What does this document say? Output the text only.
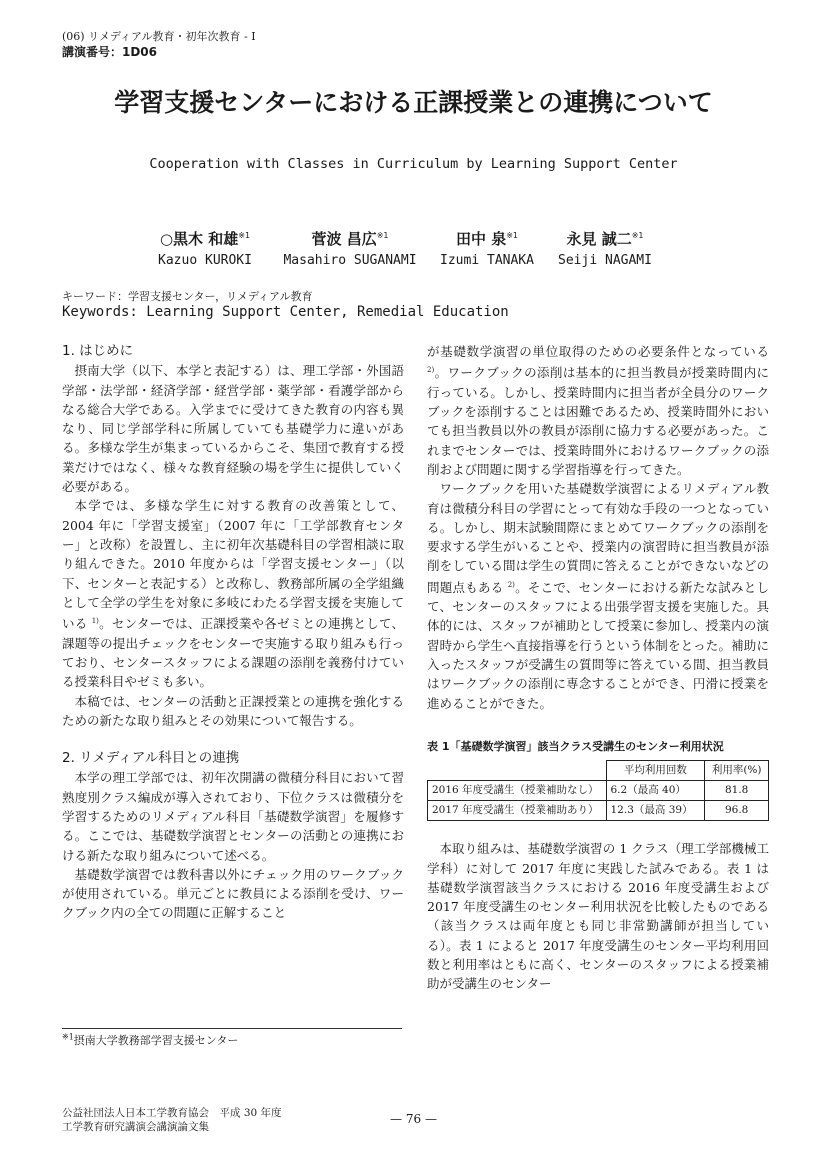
(06) リメディアル教育・初年次教育 - I
講演番号：1D06
学習支援センターにおける正課授業との連携について
Cooperation with Classes in Curriculum by Learning Support Center
○黒木 和雄$^{※1}$
Kazuo KUROKI
菅波 昌広$^{※1}$
Masahiro SUGANAMI
田中 泉$^{※1}$
Izumi TANAKA
永見 誠二$^{※1}$
Seiji NAGAMI
キーワード：学習支援センター，リメディアル教育
Keywords: Learning Support Center, Remedial Education
1. はじめに

摂南大学（以下、本学と表記する）は、理工学部・外国語学部・法学部・経済学部・経営学部・薬学部・看護学部からなる総合大学である。入学までに受けてきた教育の内容も異なり、同じ学部学科に所属していても基礎学力に違いがある。多様な学生が集まっているからこそ、集団で教育する授業だけではなく、様々な教育経験の場を学生に提供していく必要がある。

本学では、多様な学生に対する教育の改善策として、2004 年に「学習支援室」（2007 年に「工学部教育センター」と改称）を設置し、主に初年次基礎科目の学習相談に取り組んできた。2010 年度からは「学習支援センター」（以下、センターと表記する）と改称し、教務部所属の全学組織として全学の学生を対象に多岐にわたる学習支援を実施している $^{1)}$。センターでは、正課授業や各ゼミとの連携として、課題等の提出チェックをセンターで実施する取り組みも行っており、センタースタッフによる課題の添削を義務付けている授業科目やゼミも多い。

本稿では、センターの活動と正課授業との連携を強化するための新たな取り組みとその効果について報告する。

2. リメディアル科目との連携

本学の理工学部では、初年次開講の微積分科目において習熟度別クラス編成が導入されており、下位クラスは微積分を学習するためのリメディアル科目「基礎数学演習」を履修する。ここでは、基礎数学演習とセンターの活動との連携における新たな取り組みについて述べる。

基礎数学演習では教科書以外にチェック用のワークブックが使用されている。単元ごとに教員による添削を受け、ワークブック内の全ての問題に正解すること

が基礎数学演習の単位取得のための必要条件となっている $^{2)}$。ワークブックの添削は基本的に担当教員が授業時間内に行っている。しかし、授業時間内に担当者が全員分のワークブックを添削することは困難であるため、授業時間外においても担当教員以外の教員が添削に協力する必要があった。これまでセンターでは、授業時間外におけるワークブックの添削および問題に関する学習指導を行ってきた。

ワークブックを用いた基礎数学演習によるリメディアル教育は微積分科目の学習にとって有効な手段の一つとなっている。しかし、期末試験間際にまとめてワークブックの添削を要求する学生がいることや、授業内の演習時に担当教員が添削をしている間は学生の質問に答えることができないなどの問題点もある $^{2)}$。そこで、センターにおける新たな試みとして、センターのスタッフによる出張学習支援を実施した。具体的には、スタッフが補助として授業に参加し、授業内の演習時から学生へ直接指導を行うという体制をとった。補助に入ったスタッフが受講生の質問等に答えている間、担当教員はワークブックの添削に専念することができ、円滑に授業を進めることができた。

表 1「基礎数学演習」該当クラス受講生のセンター利用状況
	平均利用回数	利用率(%)
2016 年度受講生（授業補助なし）	6.2（最高 40）	81.8
2017 年度受講生（授業補助あり）	12.3（最高 39）	96.8

本取り組みは、基礎数学演習の 1 クラス（理工学部機械工学科）に対して 2017 年度に実践した試みである。表 1 は基礎数学演習該当クラスにおける 2016 年度受講生および 2017 年度受講生のセンター利用状況を比較したものである（該当クラスは両年度とも同じ非常勤講師が担当している）。表 1 によると 2017 年度受講生のセンター平均利用回数と利用率はともに高く、センターのスタッフによる授業補助が受講生のセンター

$^{※1}$摂南大学教務部学習支援センター
公益社団法人日本工学教育協会　平成 30 年度
工学教育研究講演会講演論文集
— 76 —
